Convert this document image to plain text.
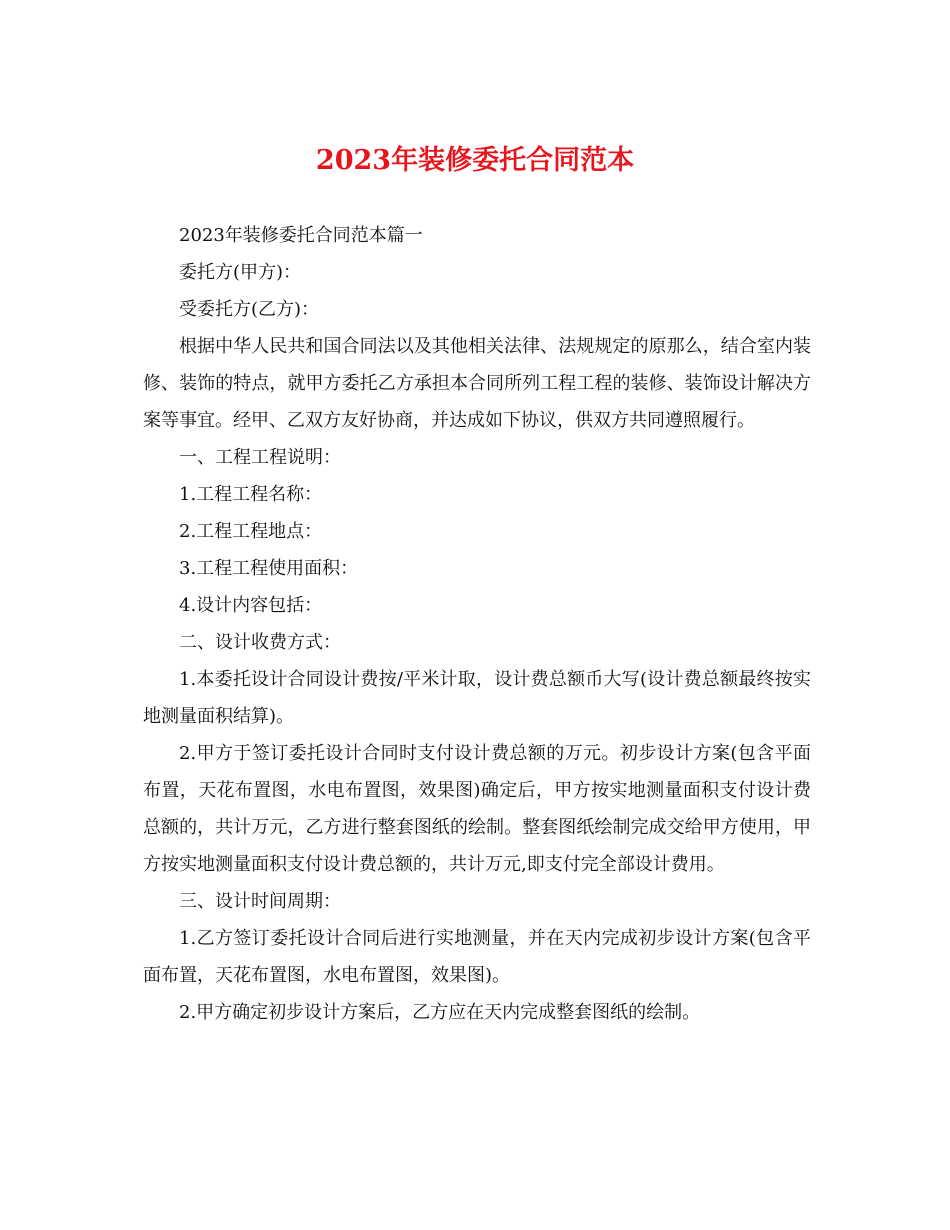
2023年装修委托合同范本

2023年装修委托合同范本篇一

委托方(甲方)：

受委托方(乙方)：

根据中华人民共和国合同法以及其他相关法律、法规规定的原那么，结合室内装修、装饰的特点，就甲方委托乙方承担本合同所列工程工程的装修、装饰设计解决方案等事宜。经甲、乙双方友好协商，并达成如下协议，供双方共同遵照履行。

一、工程工程说明：

1.工程工程名称：

2.工程工程地点：

3.工程工程使用面积：

4.设计内容包括：

二、设计收费方式：

1.本委托设计合同设计费按/平米计取，设计费总额币大写(设计费总额最终按实地测量面积结算)。

2.甲方于签订委托设计合同时支付设计费总额的万元。初步设计方案(包含平面布置，天花布置图，水电布置图，效果图)确定后，甲方按实地测量面积支付设计费总额的，共计万元，乙方进行整套图纸的绘制。整套图纸绘制完成交给甲方使用，甲方按实地测量面积支付设计费总额的，共计万元,即支付完全部设计费用。

三、设计时间周期：

1.乙方签订委托设计合同后进行实地测量，并在天内完成初步设计方案(包含平面布置，天花布置图，水电布置图，效果图)。

2.甲方确定初步设计方案后，乙方应在天内完成整套图纸的绘制。
